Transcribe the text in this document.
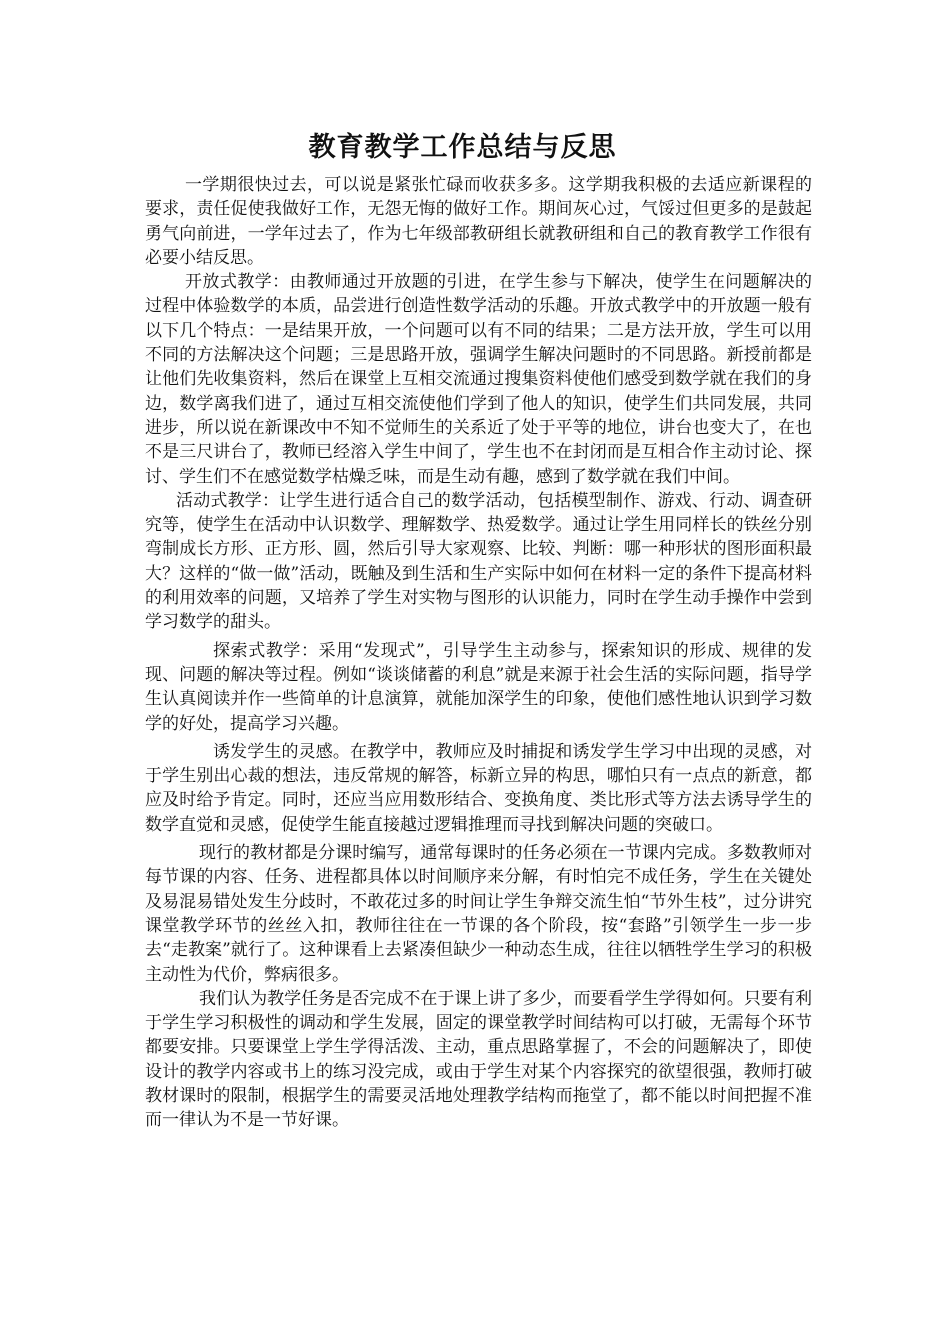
教育教学工作总结与反思

一学期很快过去，可以说是紧张忙碌而收获多多。这学期我积极的去适应新课程的要求，责任促使我做好工作，无怨无悔的做好工作。期间灰心过，气馁过但更多的是鼓起勇气向前进，一学年过去了，作为七年级部教研组长就教研组和自己的教育教学工作很有必要小结反思。

开放式教学：由教师通过开放题的引进，在学生参与下解决，使学生在问题解决的过程中体验数学的本质，品尝进行创造性数学活动的乐趣。开放式教学中的开放题一般有以下几个特点：一是结果开放，一个问题可以有不同的结果；二是方法开放，学生可以用不同的方法解决这个问题；三是思路开放，强调学生解决问题时的不同思路。新授前都是让他们先收集资料，然后在课堂上互相交流通过搜集资料使他们感受到数学就在我们的身边，数学离我们进了，通过互相交流使他们学到了他人的知识，使学生们共同发展，共同进步，所以说在新课改中不知不觉师生的关系近了处于平等的地位，讲台也变大了，在也不是三尺讲台了，教师已经溶入学生中间了，学生也不在封闭而是互相合作主动讨论、探讨、学生们不在感觉数学枯燥乏味，而是生动有趣，感到了数学就在我们中间。

活动式教学：让学生进行适合自己的数学活动，包括模型制作、游戏、行动、调查研究等，使学生在活动中认识数学、理解数学、热爱数学。通过让学生用同样长的铁丝分别弯制成长方形、正方形、圆，然后引导大家观察、比较、判断：哪一种形状的图形面积最大？这样的“做一做”活动，既触及到生活和生产实际中如何在材料一定的条件下提高材料的利用效率的问题，又培养了学生对实物与图形的认识能力，同时在学生动手操作中尝到学习数学的甜头。

探索式教学：采用“发现式”，引导学生主动参与，探索知识的形成、规律的发现、问题的解决等过程。例如“谈谈储蓄的利息”就是来源于社会生活的实际问题，指导学生认真阅读并作一些简单的计息演算，就能加深学生的印象，使他们感性地认识到学习数学的好处，提高学习兴趣。

诱发学生的灵感。在教学中，教师应及时捕捉和诱发学生学习中出现的灵感，对于学生别出心裁的想法，违反常规的解答，标新立异的构思，哪怕只有一点点的新意，都应及时给予肯定。同时，还应当应用数形结合、变换角度、类比形式等方法去诱导学生的数学直觉和灵感，促使学生能直接越过逻辑推理而寻找到解决问题的突破口。

现行的教材都是分课时编写，通常每课时的任务必须在一节课内完成。多数教师对每节课的内容、任务、进程都具体以时间顺序来分解，有时怕完不成任务，学生在关键处及易混易错处发生分歧时，不敢花过多的时间让学生争辩交流生怕“节外生枝”，过分讲究课堂教学环节的丝丝入扣，教师往往在一节课的各个阶段，按“套路”引领学生一步一步去“走教案”就行了。这种课看上去紧凑但缺少一种动态生成，往往以牺牲学生学习的积极主动性为代价，弊病很多。

我们认为教学任务是否完成不在于课上讲了多少，而要看学生学得如何。只要有利于学生学习积极性的调动和学生发展，固定的课堂教学时间结构可以打破，无需每个环节都要安排。只要课堂上学生学得活泼、主动，重点思路掌握了，不会的问题解决了，即使设计的教学内容或书上的练习没完成，或由于学生对某个内容探究的欲望很强，教师打破教材课时的限制，根据学生的需要灵活地处理教学结构而拖堂了，都不能以时间把握不准而一律认为不是一节好课。
